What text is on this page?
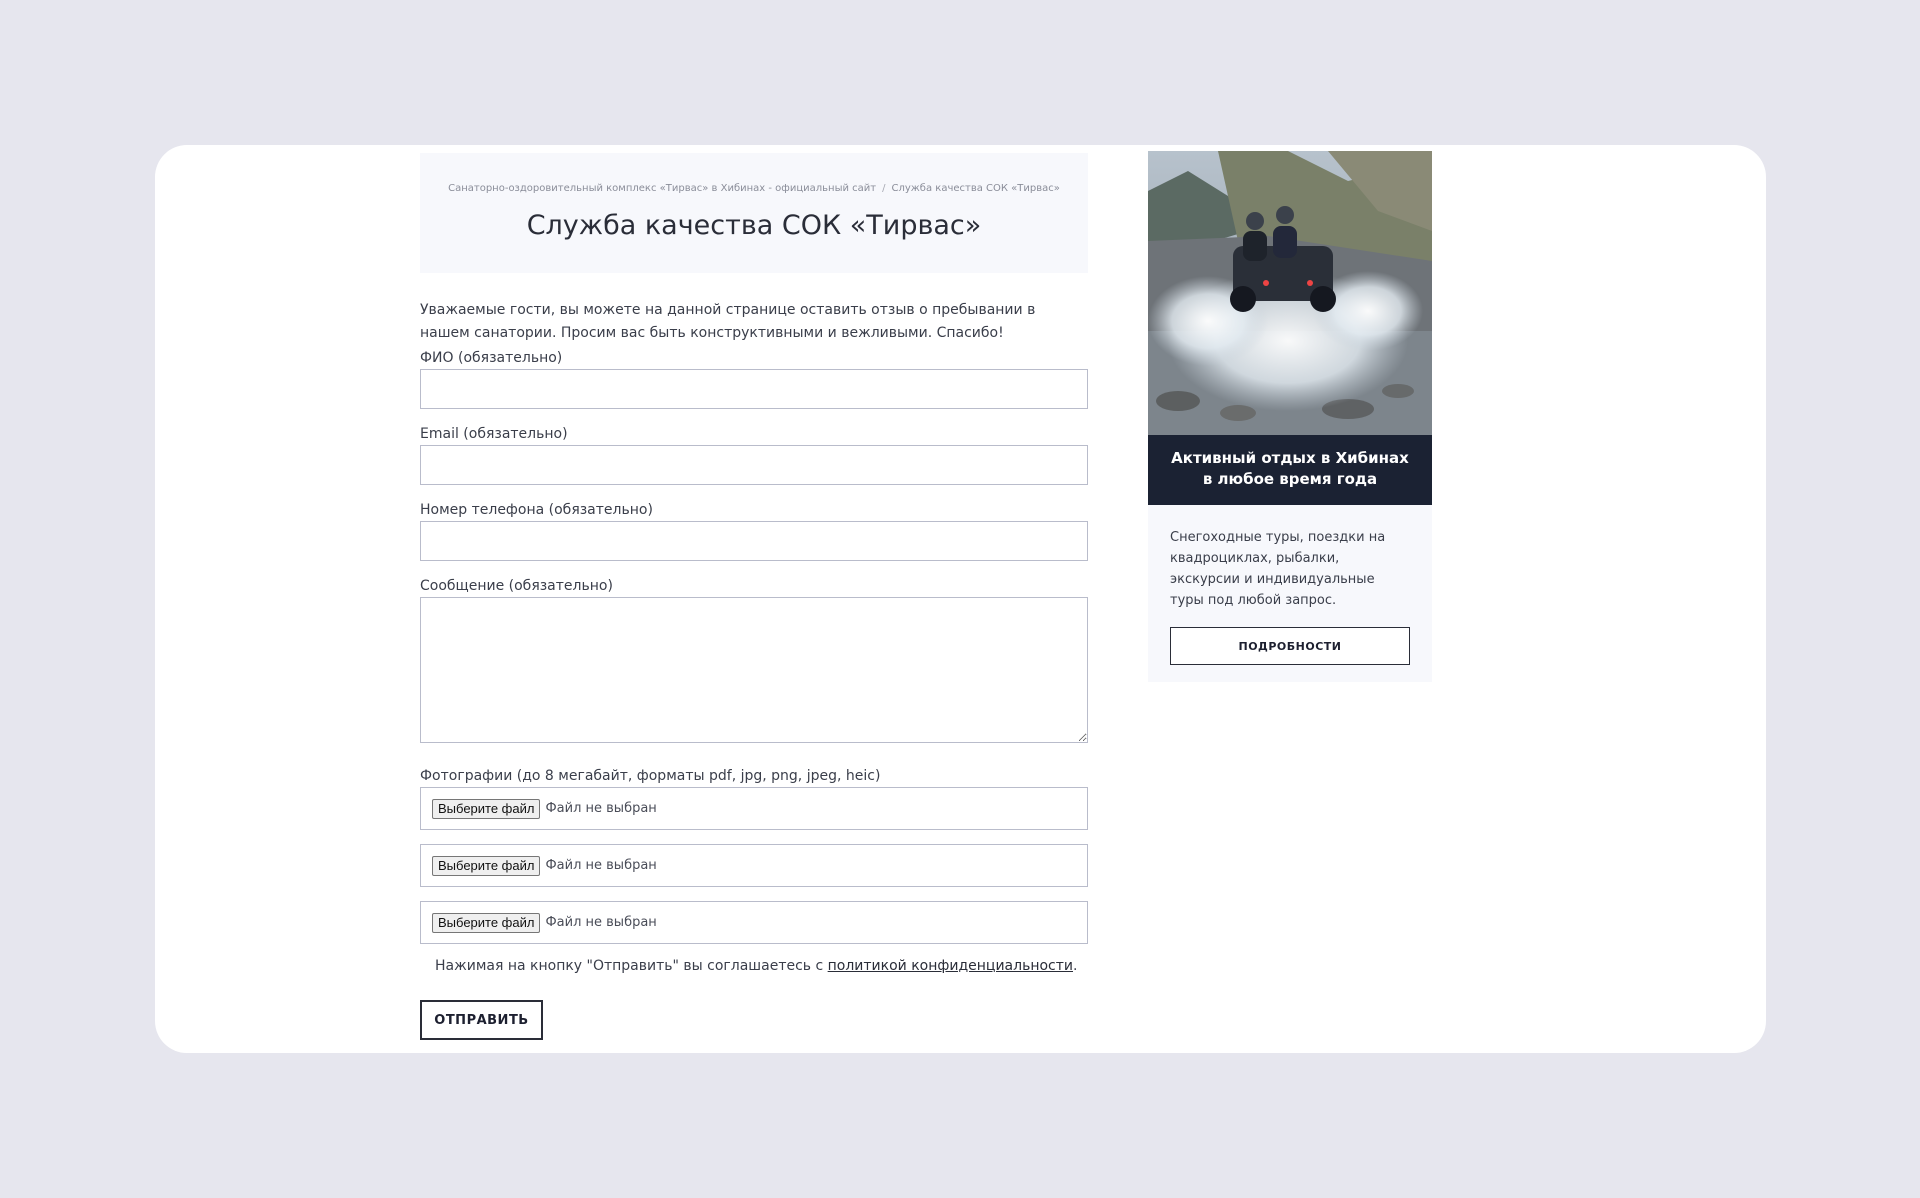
Санаторно-оздоровительный комплекс «Тирвас» в Хибинах - официальный сайт / Служба качества СОК «Тирвас»
Служба качества СОК «Тирвас»

Уважаемые гости, вы можете на данной странице оставить отзыв о пребывании в нашем санатории. Просим вас быть конструктивными и вежливыми. Спасибо!

ФИО (обязательно)
Email (обязательно)
Номер телефона (обязательно)
Сообщение (обязательно)
Фотографии (до 8 мегабайт, форматы pdf, jpg, png, jpeg, heic)
Выберите файл Файл не выбран
Выберите файл Файл не выбран
Выберите файл Файл не выбран

Нажимая на кнопку "Отправить" вы соглашаетесь с политикой конфиденциальности.

ОТПРАВИТЬ
Активный отдых в Хибинах
в любое время года

Снегоходные туры, поездки на квадроциклах, рыбалки, экскурсии и индивидуальные туры под любой запрос.

ПОДРОБНОСТИ
